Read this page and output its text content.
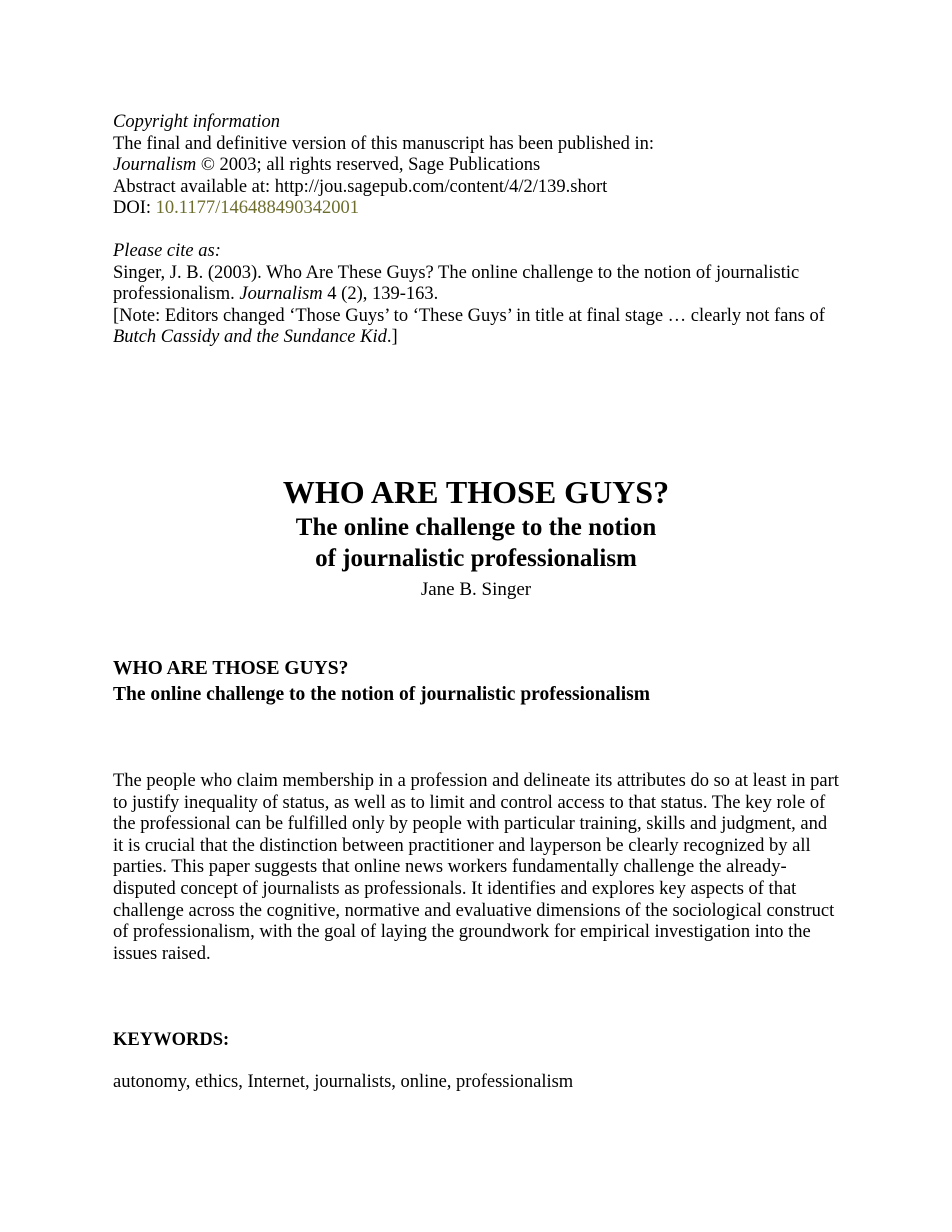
Copyright information

The final and definitive version of this manuscript has been published in:

Journalism © 2003; all rights reserved, Sage Publications

Abstract available at: http://jou.sagepub.com/content/4/2/139.short

DOI: 10.1177/146488490342001

Please cite as:

Singer, J. B. (2003). Who Are These Guys? The online challenge to the notion of journalistic professionalism. Journalism 4 (2), 139-163.

[Note: Editors changed ‘Those Guys’ to ‘These Guys’ in title at final stage … clearly not fans of Butch Cassidy and the Sundance Kid.]

WHO ARE THOSE GUYS?
The online challenge to the notion
of journalistic professionalism
Jane B. Singer
WHO ARE THOSE GUYS?
The online challenge to the notion of journalistic professionalism

The people who claim membership in a profession and delineate its attributes do so at least in part to justify inequality of status, as well as to limit and control access to that status. The key role of the professional can be fulfilled only by people with particular training, skills and judgment, and it is crucial that the distinction between practitioner and layperson be clearly recognized by all parties. This paper suggests that online news workers fundamentally challenge the already-disputed concept of journalists as professionals. It identifies and explores key aspects of that challenge across the cognitive, normative and evaluative dimensions of the sociological construct of professionalism, with the goal of laying the groundwork for empirical investigation into the issues raised.

KEYWORDS:
autonomy, ethics, Internet, journalists, online, professionalism
